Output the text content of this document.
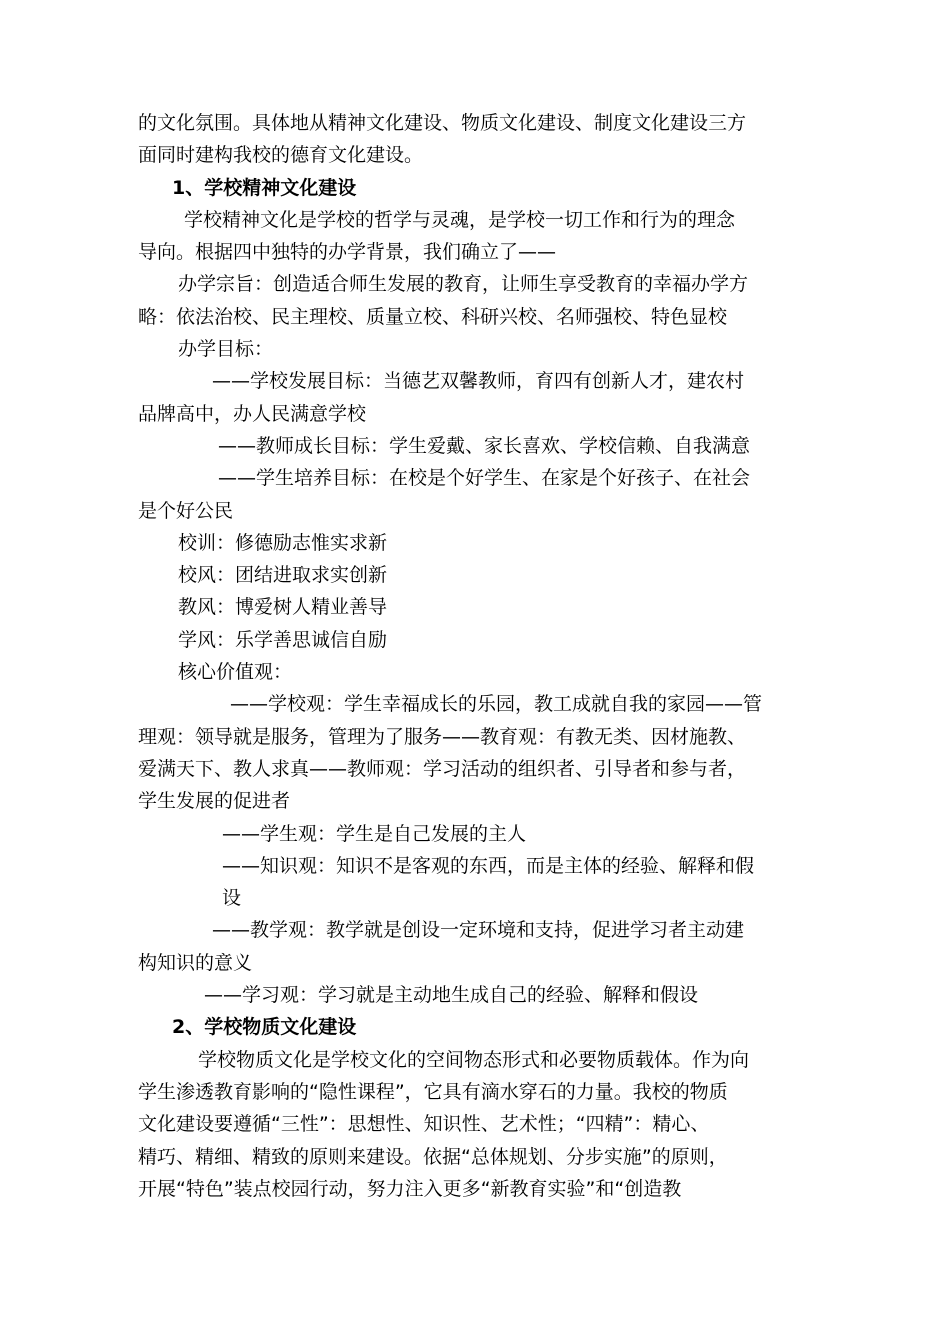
的文化氛围。具体地从精神文化建设、物质文化建设、制度文化建设三方
面同时建构我校的德育文化建设。
1、学校精神文化建设
学校精神文化是学校的哲学与灵魂，是学校一切工作和行为的理念
导向。根据四中独特的办学背景，我们确立了——
办学宗旨：创造适合师生发展的教育，让师生享受教育的幸福办学方
略：依法治校、民主理校、质量立校、科研兴校、名师强校、特色显校
办学目标：
——学校发展目标：当德艺双馨教师，育四有创新人才，建农村
品牌高中，办人民满意学校
——教师成长目标：学生爱戴、家长喜欢、学校信赖、自我满意
——学生培养目标：在校是个好学生、在家是个好孩子、在社会
是个好公民
校训：修德励志惟实求新
校风：团结进取求实创新
教风：博爱树人精业善导
学风：乐学善思诚信自励
核心价值观：
——学校观：学生幸福成长的乐园，教工成就自我的家园——管
理观：领导就是服务，管理为了服务——教育观：有教无类、因材施教、
爱满天下、教人求真——教师观：学习活动的组织者、引导者和参与者，
学生发展的促进者
——学生观：学生是自己发展的主人
——知识观：知识不是客观的东西，而是主体的经验、解释和假
设
——教学观：教学就是创设一定环境和支持，促进学习者主动建
构知识的意义
——学习观：学习就是主动地生成自己的经验、解释和假设
2、学校物质文化建设
学校物质文化是学校文化的空间物态形式和必要物质载体。作为向
学生渗透教育影响的“隐性课程”，它具有滴水穿石的力量。我校的物质
文化建设要遵循“三性”：思想性、知识性、艺术性；“四精”：精心、
精巧、精细、精致的原则来建设。依据“总体规划、分步实施”的原则，
开展“特色”装点校园行动，努力注入更多“新教育实验”和“创造教
